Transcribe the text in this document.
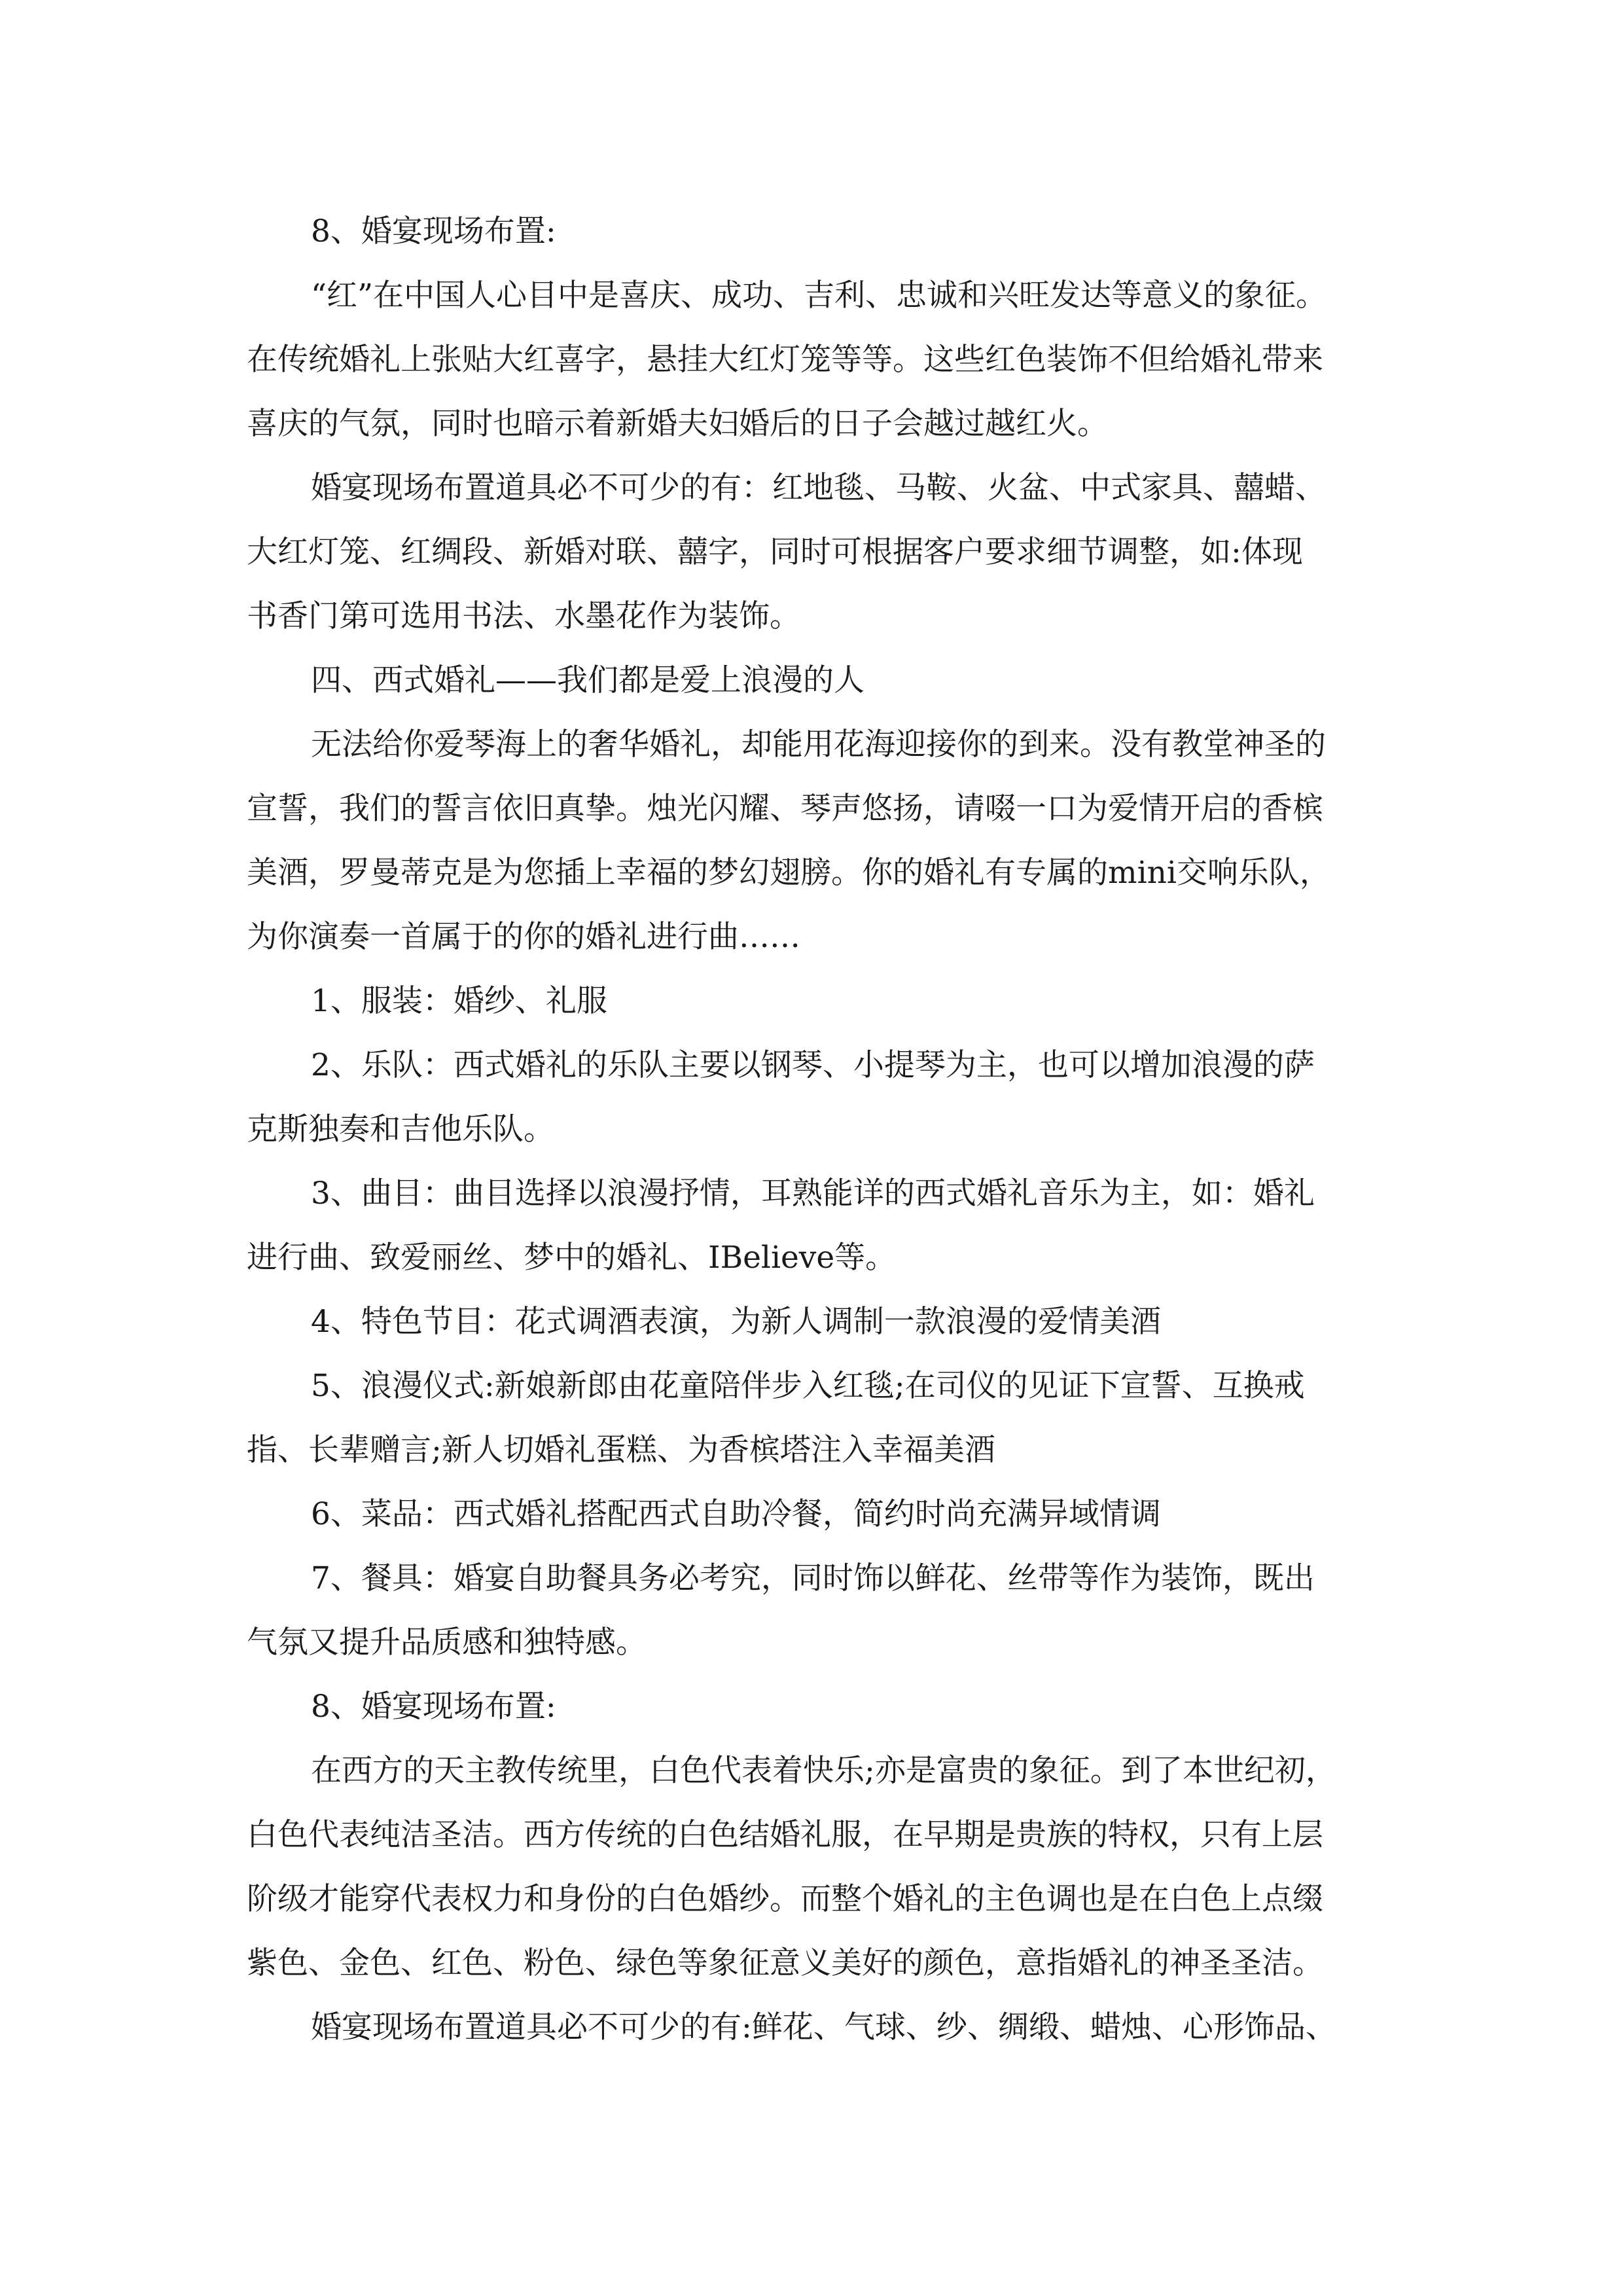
8、婚宴现场布置:
“红”在中国人心目中是喜庆、成功、吉利、忠诚和兴旺发达等意义的象征。
在传统婚礼上张贴大红喜字，悬挂大红灯笼等等。这些红色装饰不但给婚礼带来
喜庆的气氛，同时也暗示着新婚夫妇婚后的日子会越过越红火。
婚宴现场布置道具必不可少的有：红地毯、马鞍、火盆、中式家具、囍蜡、
大红灯笼、红绸段、新婚对联、囍字，同时可根据客户要求细节调整，如:体现
书香门第可选用书法、水墨花作为装饰。
四、西式婚礼——我们都是爱上浪漫的人
无法给你爱琴海上的奢华婚礼，却能用花海迎接你的到来。没有教堂神圣的
宣誓，我们的誓言依旧真挚。烛光闪耀、琴声悠扬，请啜一口为爱情开启的香槟
美酒，罗曼蒂克是为您插上幸福的梦幻翅膀。你的婚礼有专属的mini交响乐队，
为你演奏一首属于的你的婚礼进行曲……
1、服装：婚纱、礼服
2、乐队：西式婚礼的乐队主要以钢琴、小提琴为主，也可以增加浪漫的萨
克斯独奏和吉他乐队。
3、曲目：曲目选择以浪漫抒情，耳熟能详的西式婚礼音乐为主，如：婚礼
进行曲、致爱丽丝、梦中的婚礼、IBelieve等。
4、特色节目：花式调酒表演，为新人调制一款浪漫的爱情美酒
5、浪漫仪式:新娘新郎由花童陪伴步入红毯;在司仪的见证下宣誓、互换戒
指、长辈赠言;新人切婚礼蛋糕、为香槟塔注入幸福美酒
6、菜品：西式婚礼搭配西式自助冷餐，简约时尚充满异域情调
7、餐具：婚宴自助餐具务必考究，同时饰以鲜花、丝带等作为装饰，既出
气氛又提升品质感和独特感。
8、婚宴现场布置:
在西方的天主教传统里，白色代表着快乐;亦是富贵的象征。到了本世纪初，
白色代表纯洁圣洁。西方传统的白色结婚礼服，在早期是贵族的特权，只有上层
阶级才能穿代表权力和身份的白色婚纱。而整个婚礼的主色调也是在白色上点缀
紫色、金色、红色、粉色、绿色等象征意义美好的颜色，意指婚礼的神圣圣洁。
婚宴现场布置道具必不可少的有:鲜花、气球、纱、绸缎、蜡烛、心形饰品、
